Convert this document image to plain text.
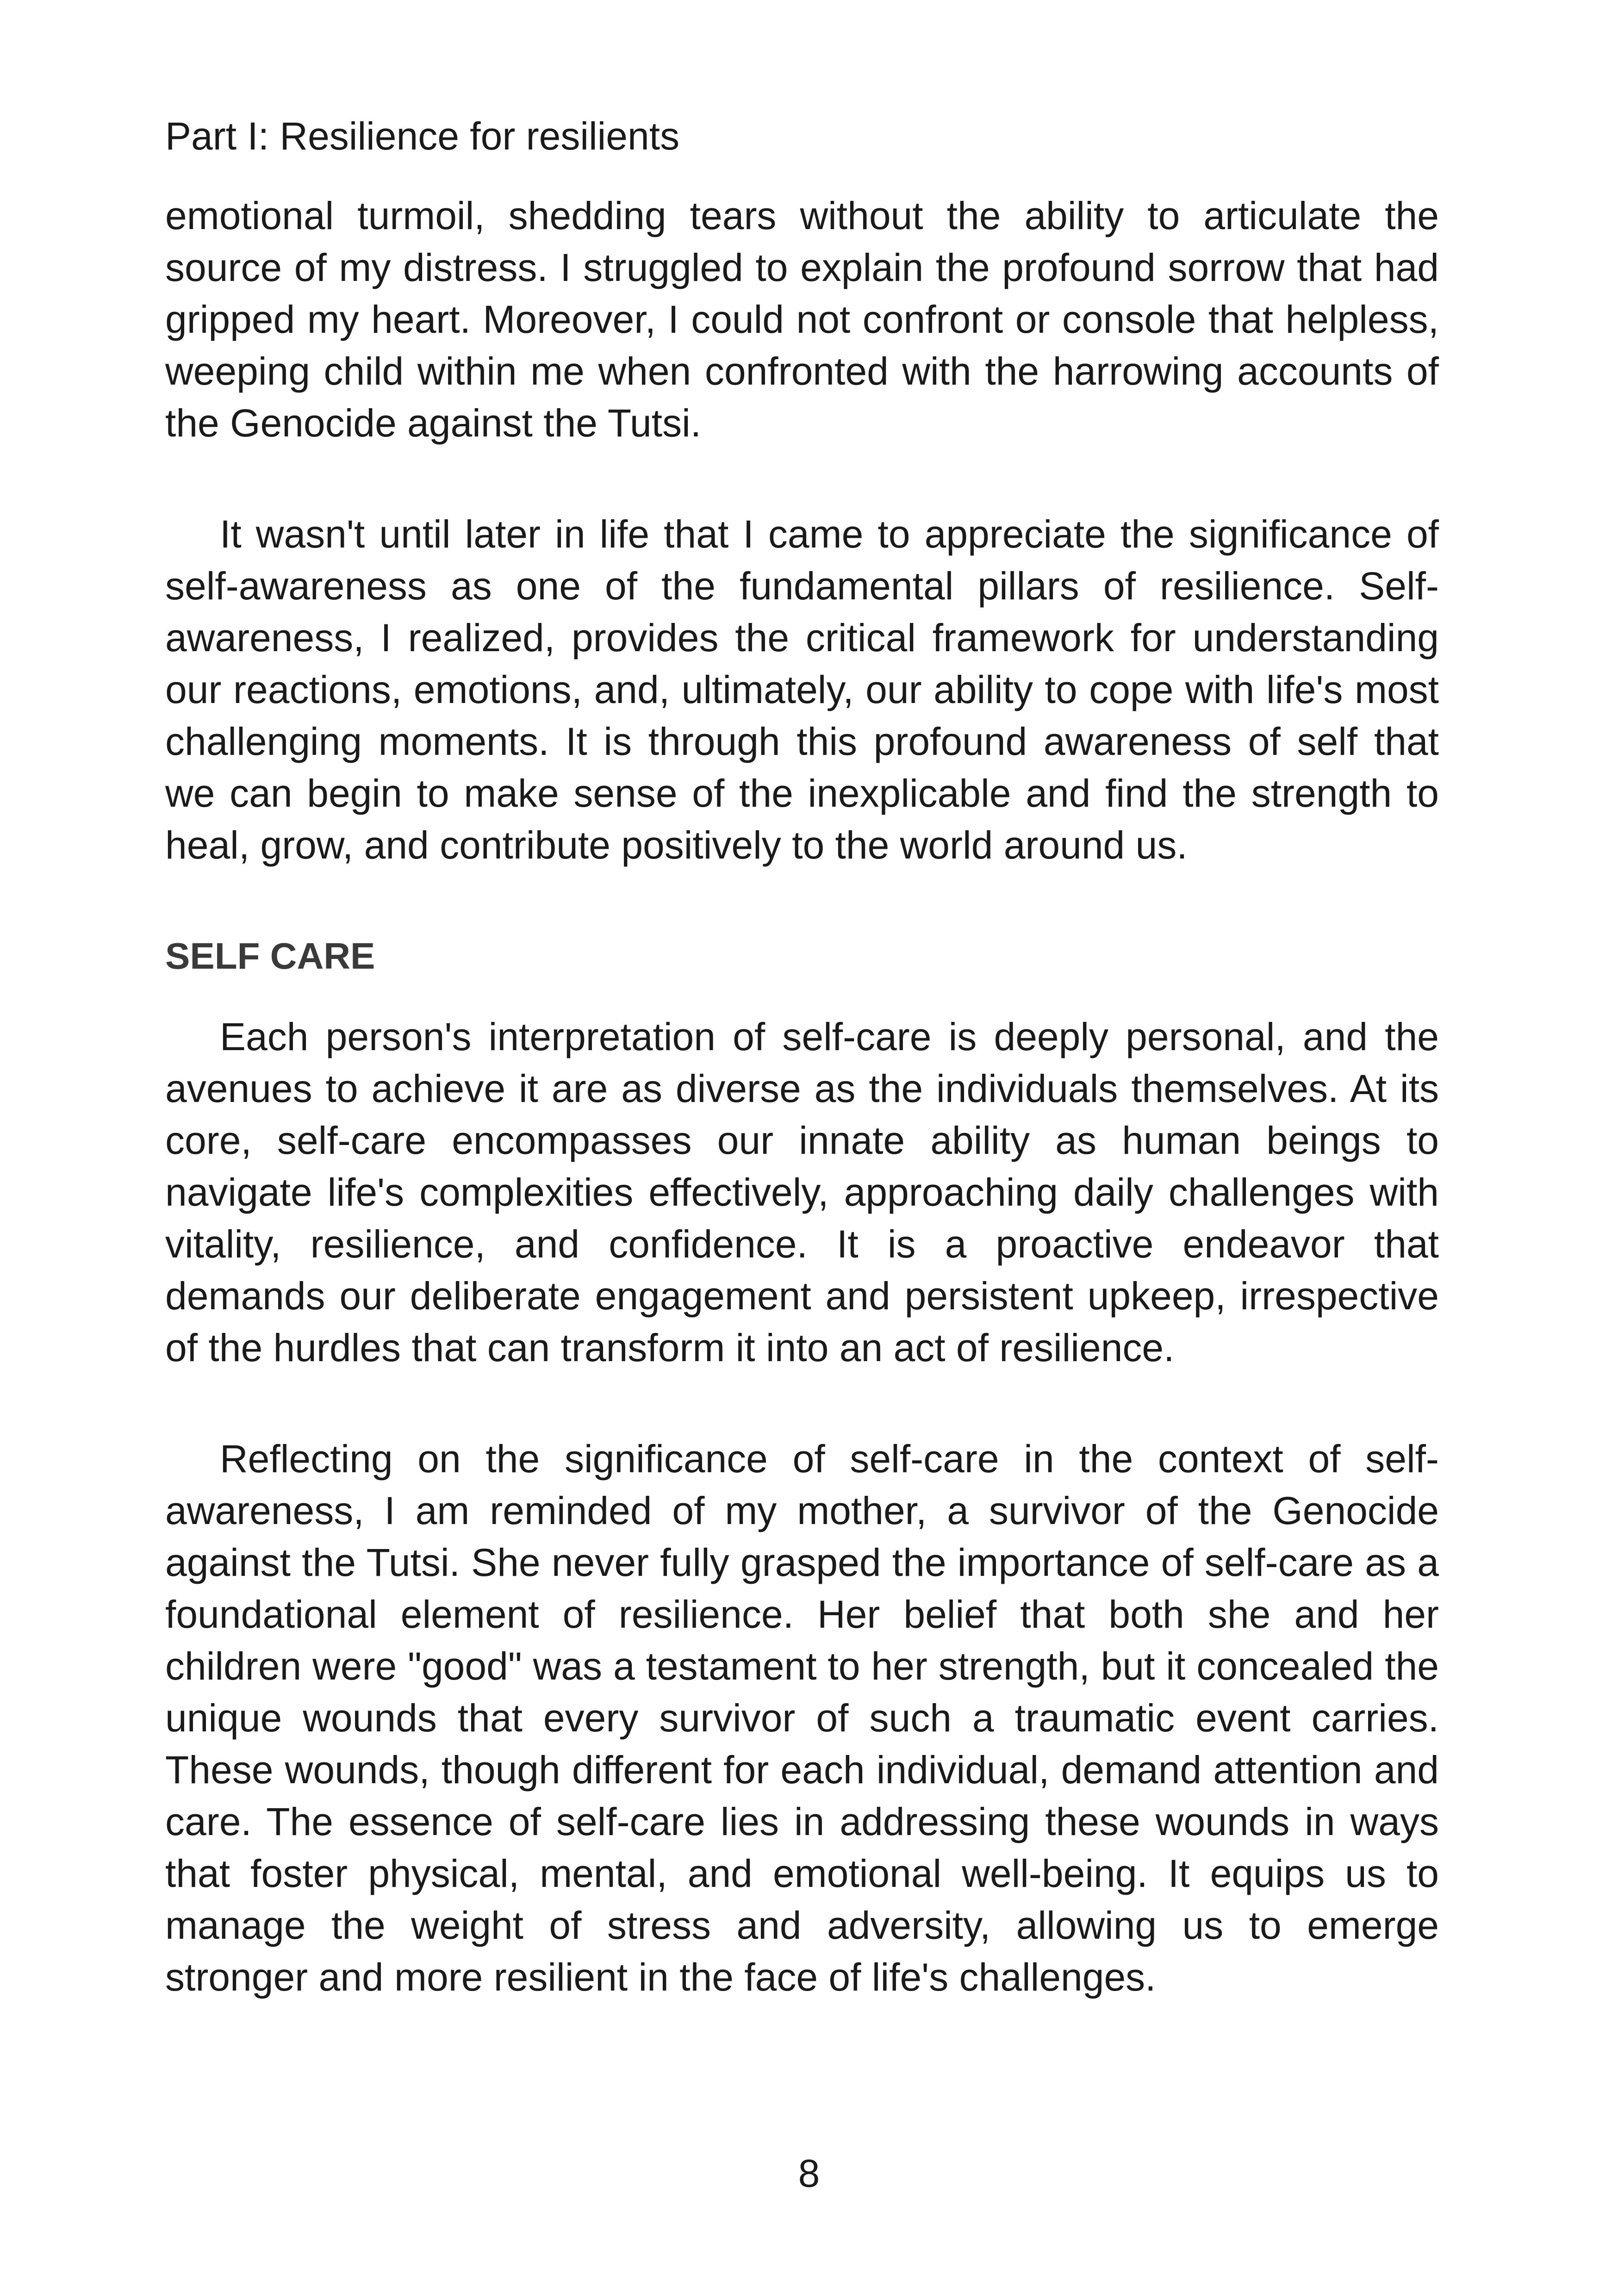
Part I: Resilience for resilients

emotional turmoil, shedding tears without the ability to articulate the source of my distress. I struggled to explain the profound sorrow that had gripped my heart. Moreover, I could not confront or console that helpless, weeping child within me when confronted with the harrowing accounts of the Genocide against the Tutsi.

It wasn't until later in life that I came to appreciate the significance of self-awareness as one of the fundamental pillars of resilience. Self-awareness, I realized, provides the critical framework for understanding our reactions, emotions, and, ultimately, our ability to cope with life's most challenging moments. It is through this profound awareness of self that we can begin to make sense of the inexplicable and find the strength to heal, grow, and contribute positively to the world around us.

SELF CARE

Each person's interpretation of self-care is deeply personal, and the avenues to achieve it are as diverse as the individuals themselves. At its core, self-care encompasses our innate ability as human beings to navigate life's complexities effectively, approaching daily challenges with vitality, resilience, and confidence. It is a proactive endeavor that demands our deliberate engagement and persistent upkeep, irrespective of the hurdles that can transform it into an act of resilience.

Reflecting on the significance of self-care in the context of self-awareness, I am reminded of my mother, a survivor of the Genocide against the Tutsi. She never fully grasped the importance of self-care as a foundational element of resilience. Her belief that both she and her children were "good" was a testament to her strength, but it concealed the unique wounds that every survivor of such a traumatic event carries. These wounds, though different for each individual, demand attention and care. The essence of self-care lies in addressing these wounds in ways that foster physical, mental, and emotional well-being. It equips us to manage the weight of stress and adversity, allowing us to emerge stronger and more resilient in the face of life's challenges.

8
